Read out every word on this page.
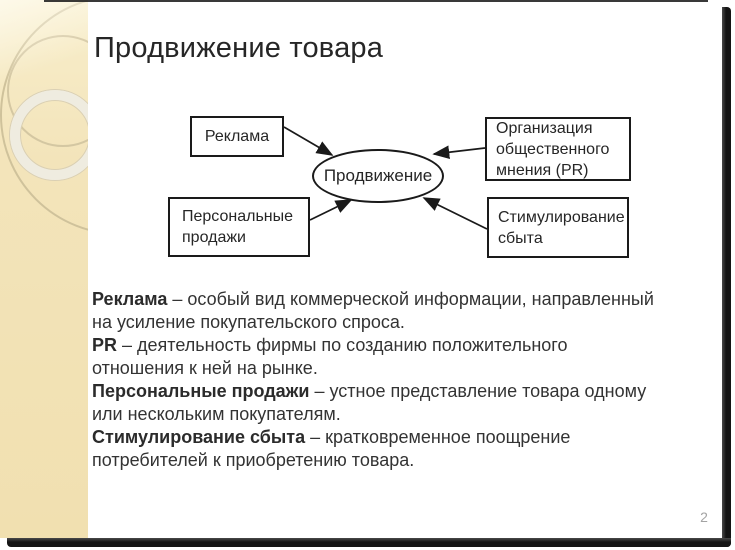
Продвижение товара
Реклама
Персональные продажи
Организация общественного мнения (PR)
Стимулирование сбыта
Продвижение

Реклама – особый вид коммерческой информации, направленный на усиление покупательского спроса.

PR – деятельность фирмы по созданию положительного отношения к ней на рынке.

Персональные продажи – устное представление товара одному или нескольким покупателям.

Стимулирование сбыта – кратковременное поощрение потребителей к приобретению товара.

2
